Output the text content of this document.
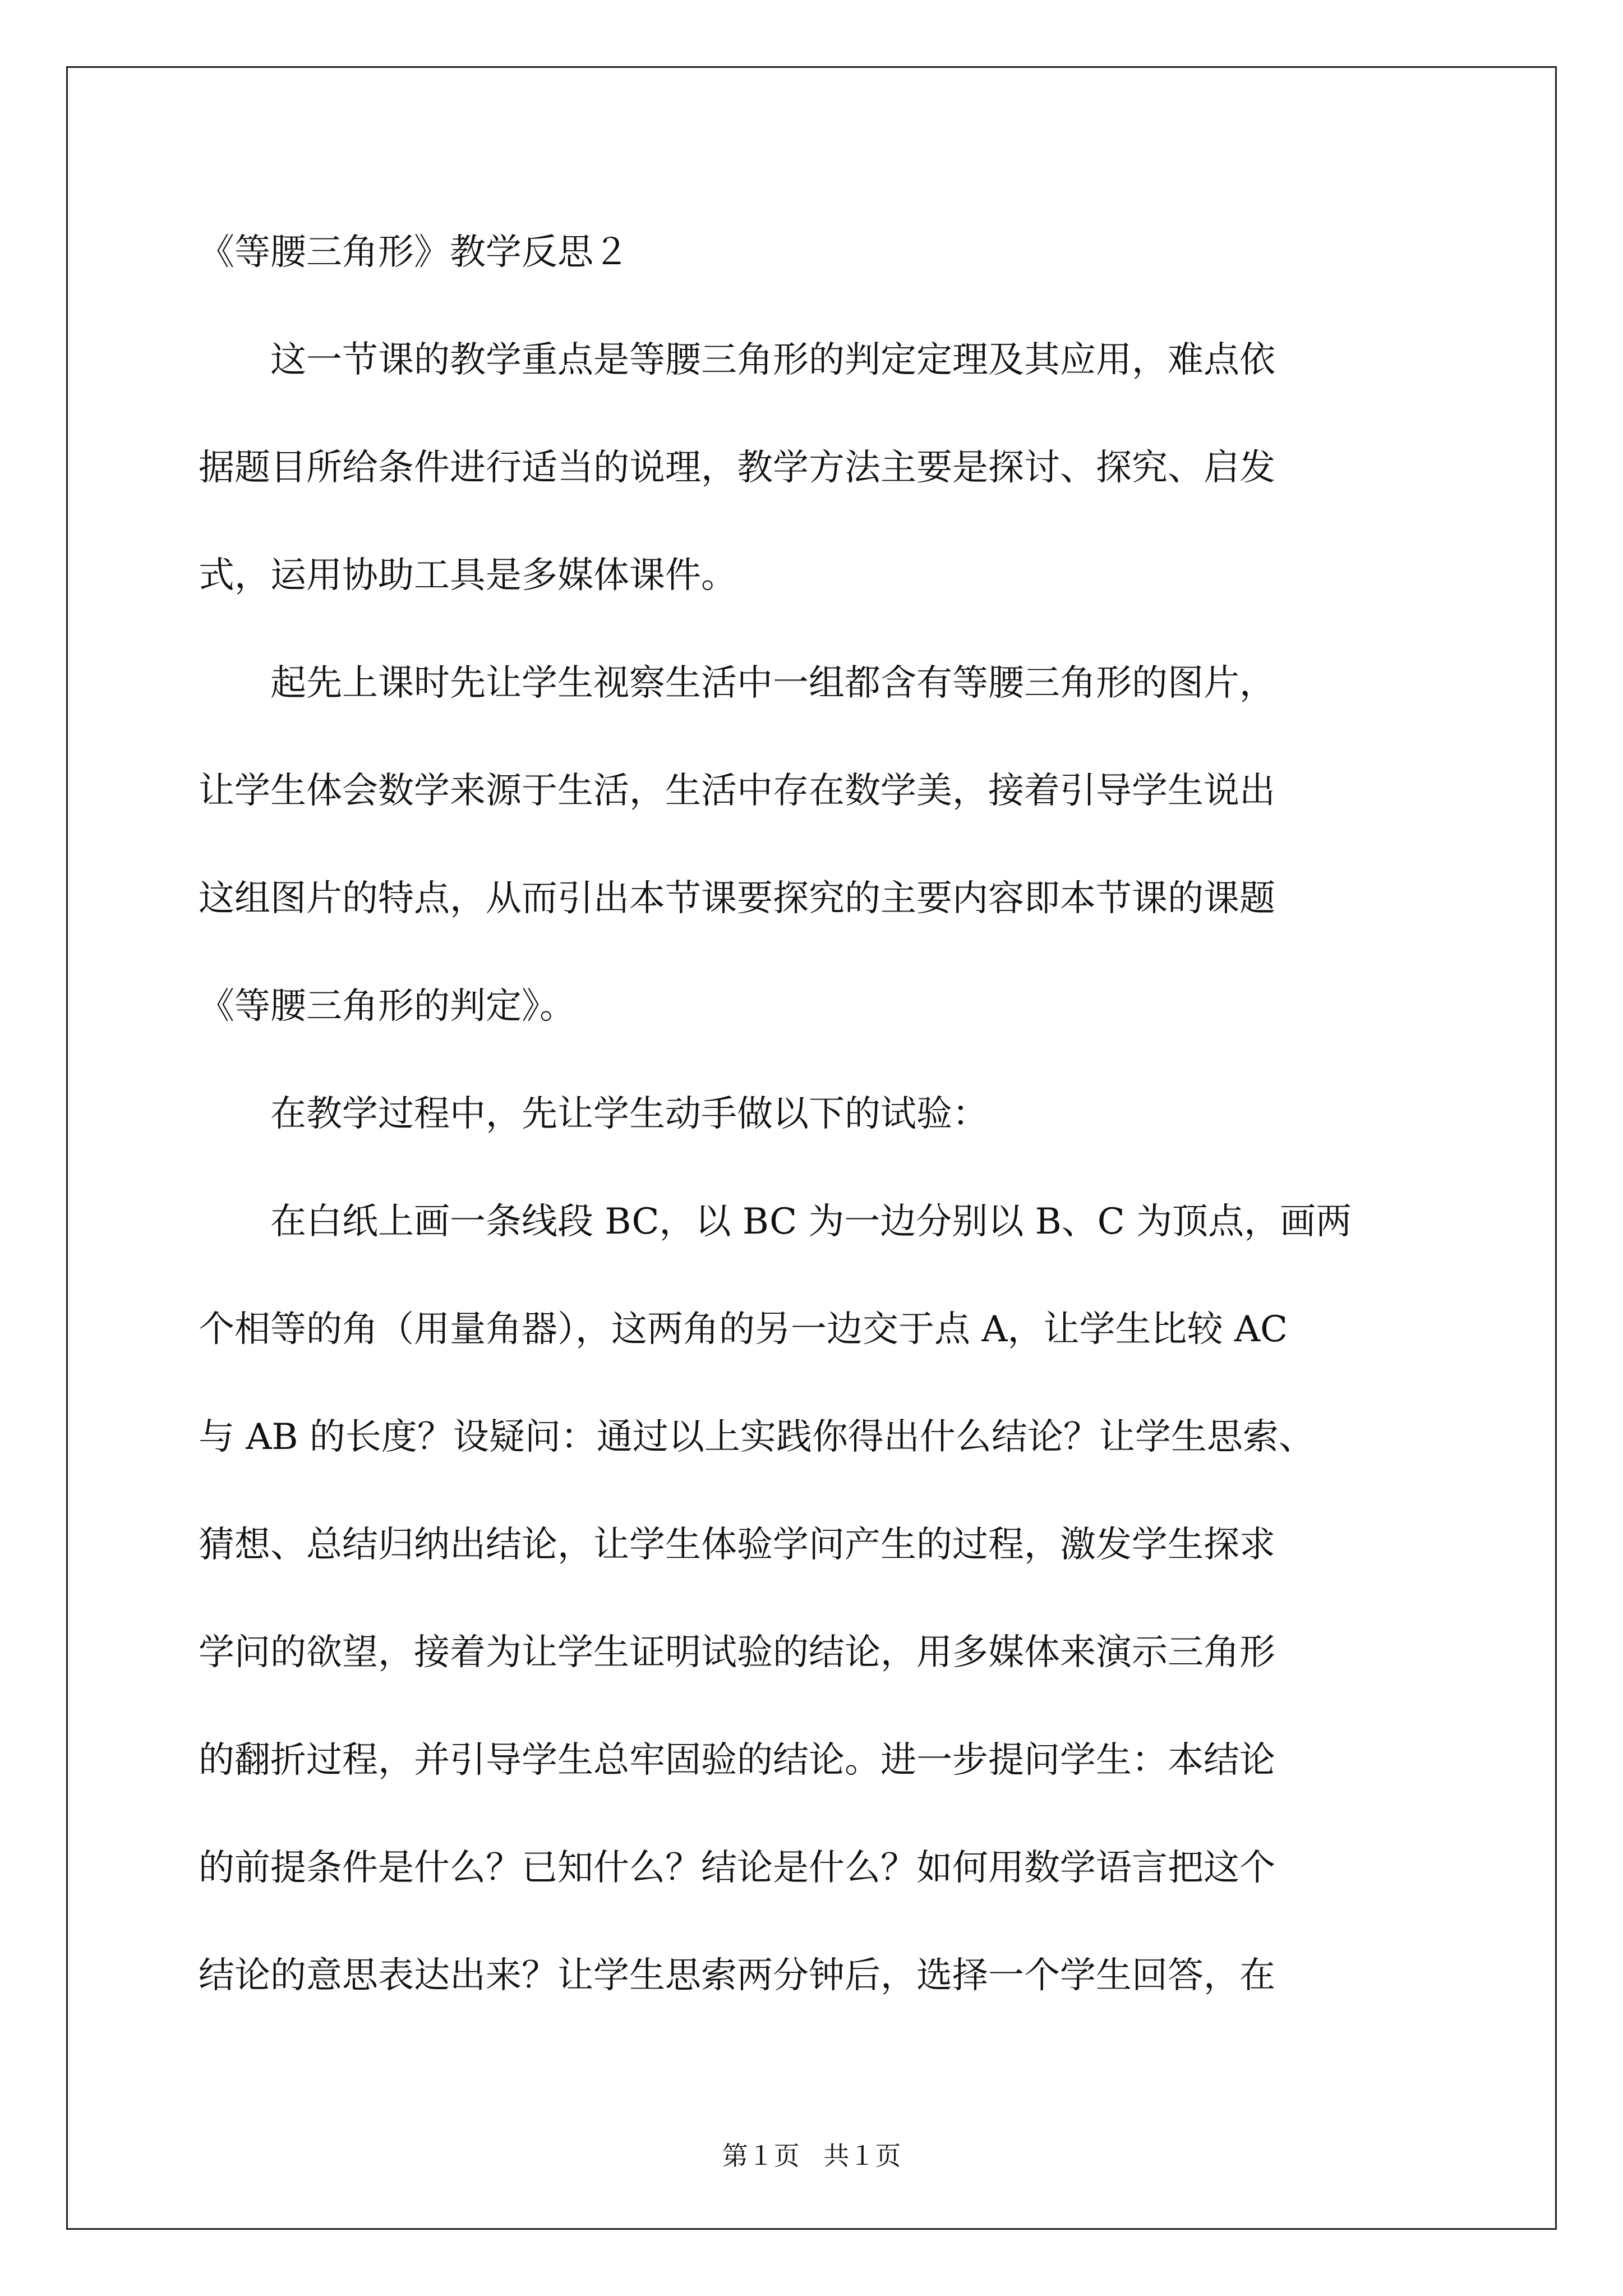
《等腰三角形》教学反思２
　　这一节课的教学重点是等腰三角形的判定定理及其应用，难点依
据题目所给条件进行适当的说理，教学方法主要是探讨、探究、启发
式，运用协助工具是多媒体课件。
　　起先上课时先让学生视察生活中一组都含有等腰三角形的图片，
让学生体会数学来源于生活，生活中存在数学美，接着引导学生说出
这组图片的特点，从而引出本节课要探究的主要内容即本节课的课题
《等腰三角形的判定》。
　　在教学过程中，先让学生动手做以下的试验：
　　在白纸上画一条线段 BC，以 BC 为一边分别以 B、C 为顶点，画两
个相等的角（用量角器），这两角的另一边交于点 A，让学生比较 AC
与 AB 的长度？设疑问：通过以上实践你得出什么结论？让学生思索、
猜想、总结归纳出结论，让学生体验学问产生的过程，激发学生探求
学问的欲望，接着为让学生证明试验的结论，用多媒体来演示三角形
的翻折过程，并引导学生总牢固验的结论。进一步提问学生：本结论
的前提条件是什么？已知什么？结论是什么？如何用数学语言把这个
结论的意思表达出来？让学生思索两分钟后，选择一个学生回答，在
第１页 共１页
